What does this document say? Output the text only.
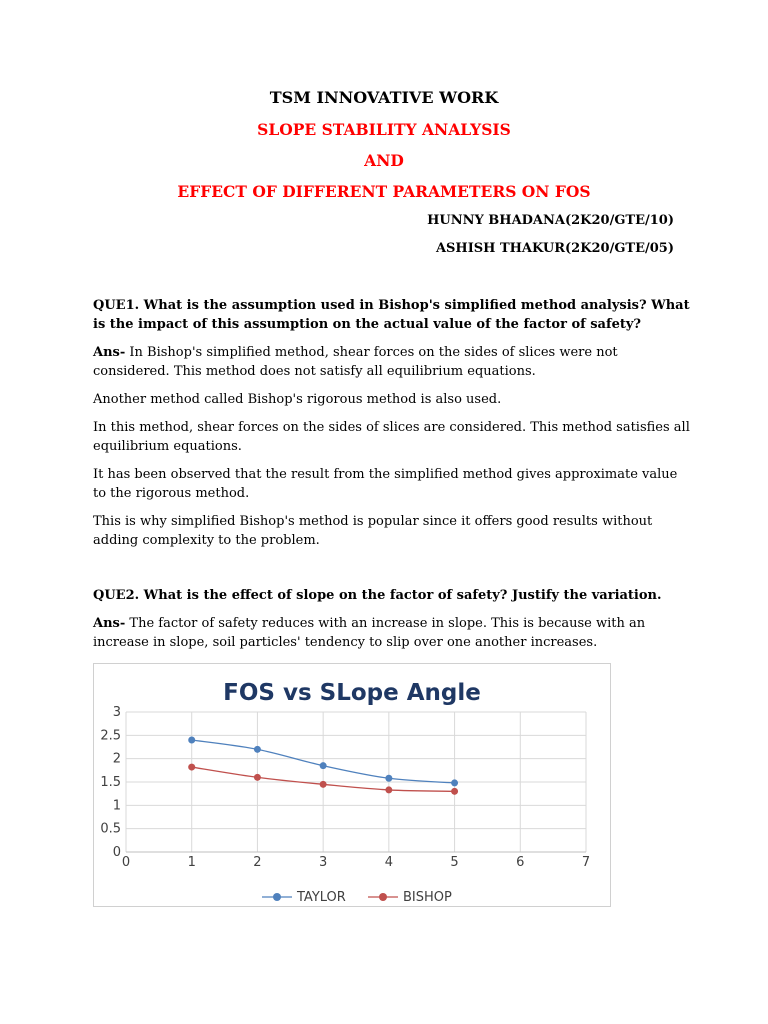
TSM INNOVATIVE WORK
SLOPE STABILITY ANALYSIS
AND
EFFECT OF DIFFERENT PARAMETERS ON FOS
HUNNY BHADANA(2K20/GTE/10)
ASHISH THAKUR(2K20/GTE/05)
QUE1. What is the assumption used in Bishop's simplified method analysis? What is the impact of this assumption on the actual value of the factor of safety?
Ans- In Bishop's simplified method, shear forces on the sides of slices were not considered. This method does not satisfy all equilibrium equations.
Another method called Bishop's rigorous method is also used.
In this method, shear forces on the sides of slices are considered. This method satisfies all equilibrium equations.
It has been observed that the result from the simplified method gives approximate value to the rigorous method.
This is why simplified Bishop's method is popular since it offers good results without adding complexity to the problem.
QUE2. What is the effect of slope on the factor of safety? Justify the variation.
Ans- The factor of safety reduces with an increase in slope. This is because with an increase in slope, soil particles' tendency to slip over one another increases.
FOS vs SLope Angle
0	1	2	3	4	5	6	7
0
0.5
1
1.5
2
2.5
3
TAYLOR	BISHOP
